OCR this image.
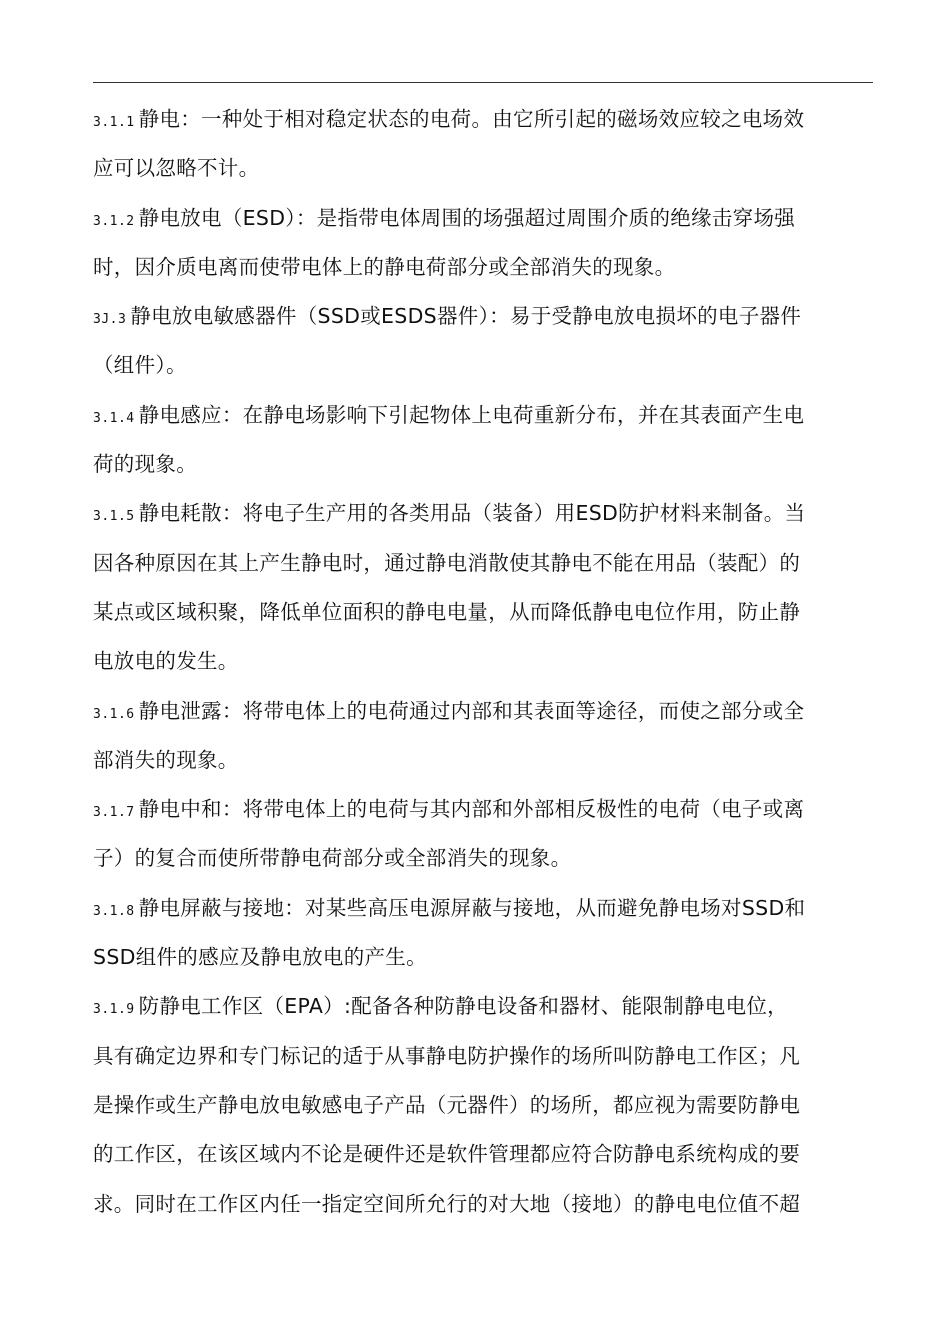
3.1.1 静电：一种处于相对稳定状态的电荷。由它所引起的磁场效应较之电场效
应可以忽略不计。
3.1.2 静电放电（ESD）：是指带电体周围的场强超过周围介质的绝缘击穿场强
时，因介质电离而使带电体上的静电荷部分或全部消失的现象。
3J.3 静电放电敏感器件（SSD或ESDS器件）：易于受静电放电损坏的电子器件
（组件）。
3.1.4 静电感应：在静电场影响下引起物体上电荷重新分布，并在其表面产生电
荷的现象。
3.1.5 静电耗散：将电子生产用的各类用品（装备）用ESD防护材料来制备。当
因各种原因在其上产生静电时，通过静电消散使其静电不能在用品（装配）的
某点或区域积聚，降低单位面积的静电电量，从而降低静电电位作用，防止静
电放电的发生。
3.1.6 静电泄露：将带电体上的电荷通过内部和其表面等途径，而使之部分或全
部消失的现象。
3.1.7 静电中和：将带电体上的电荷与其内部和外部相反极性的电荷（电子或离
子）的复合而使所带静电荷部分或全部消失的现象。
3.1.8 静电屏蔽与接地：对某些高压电源屏蔽与接地，从而避免静电场对SSD和
SSD组件的感应及静电放电的产生。
3.1.9 防静电工作区（EPA）:配备各种防静电设备和器材、能限制静电电位，
具有确定边界和专门标记的适于从事静电防护操作的场所叫防静电工作区；凡
是操作或生产静电放电敏感电子产品（元器件）的场所，都应视为需要防静电
的工作区，在该区域内不论是硬件还是软件管理都应符合防静电系统构成的要
求。同时在工作区内任一指定空间所允行的对大地（接地）的静电电位值不超
